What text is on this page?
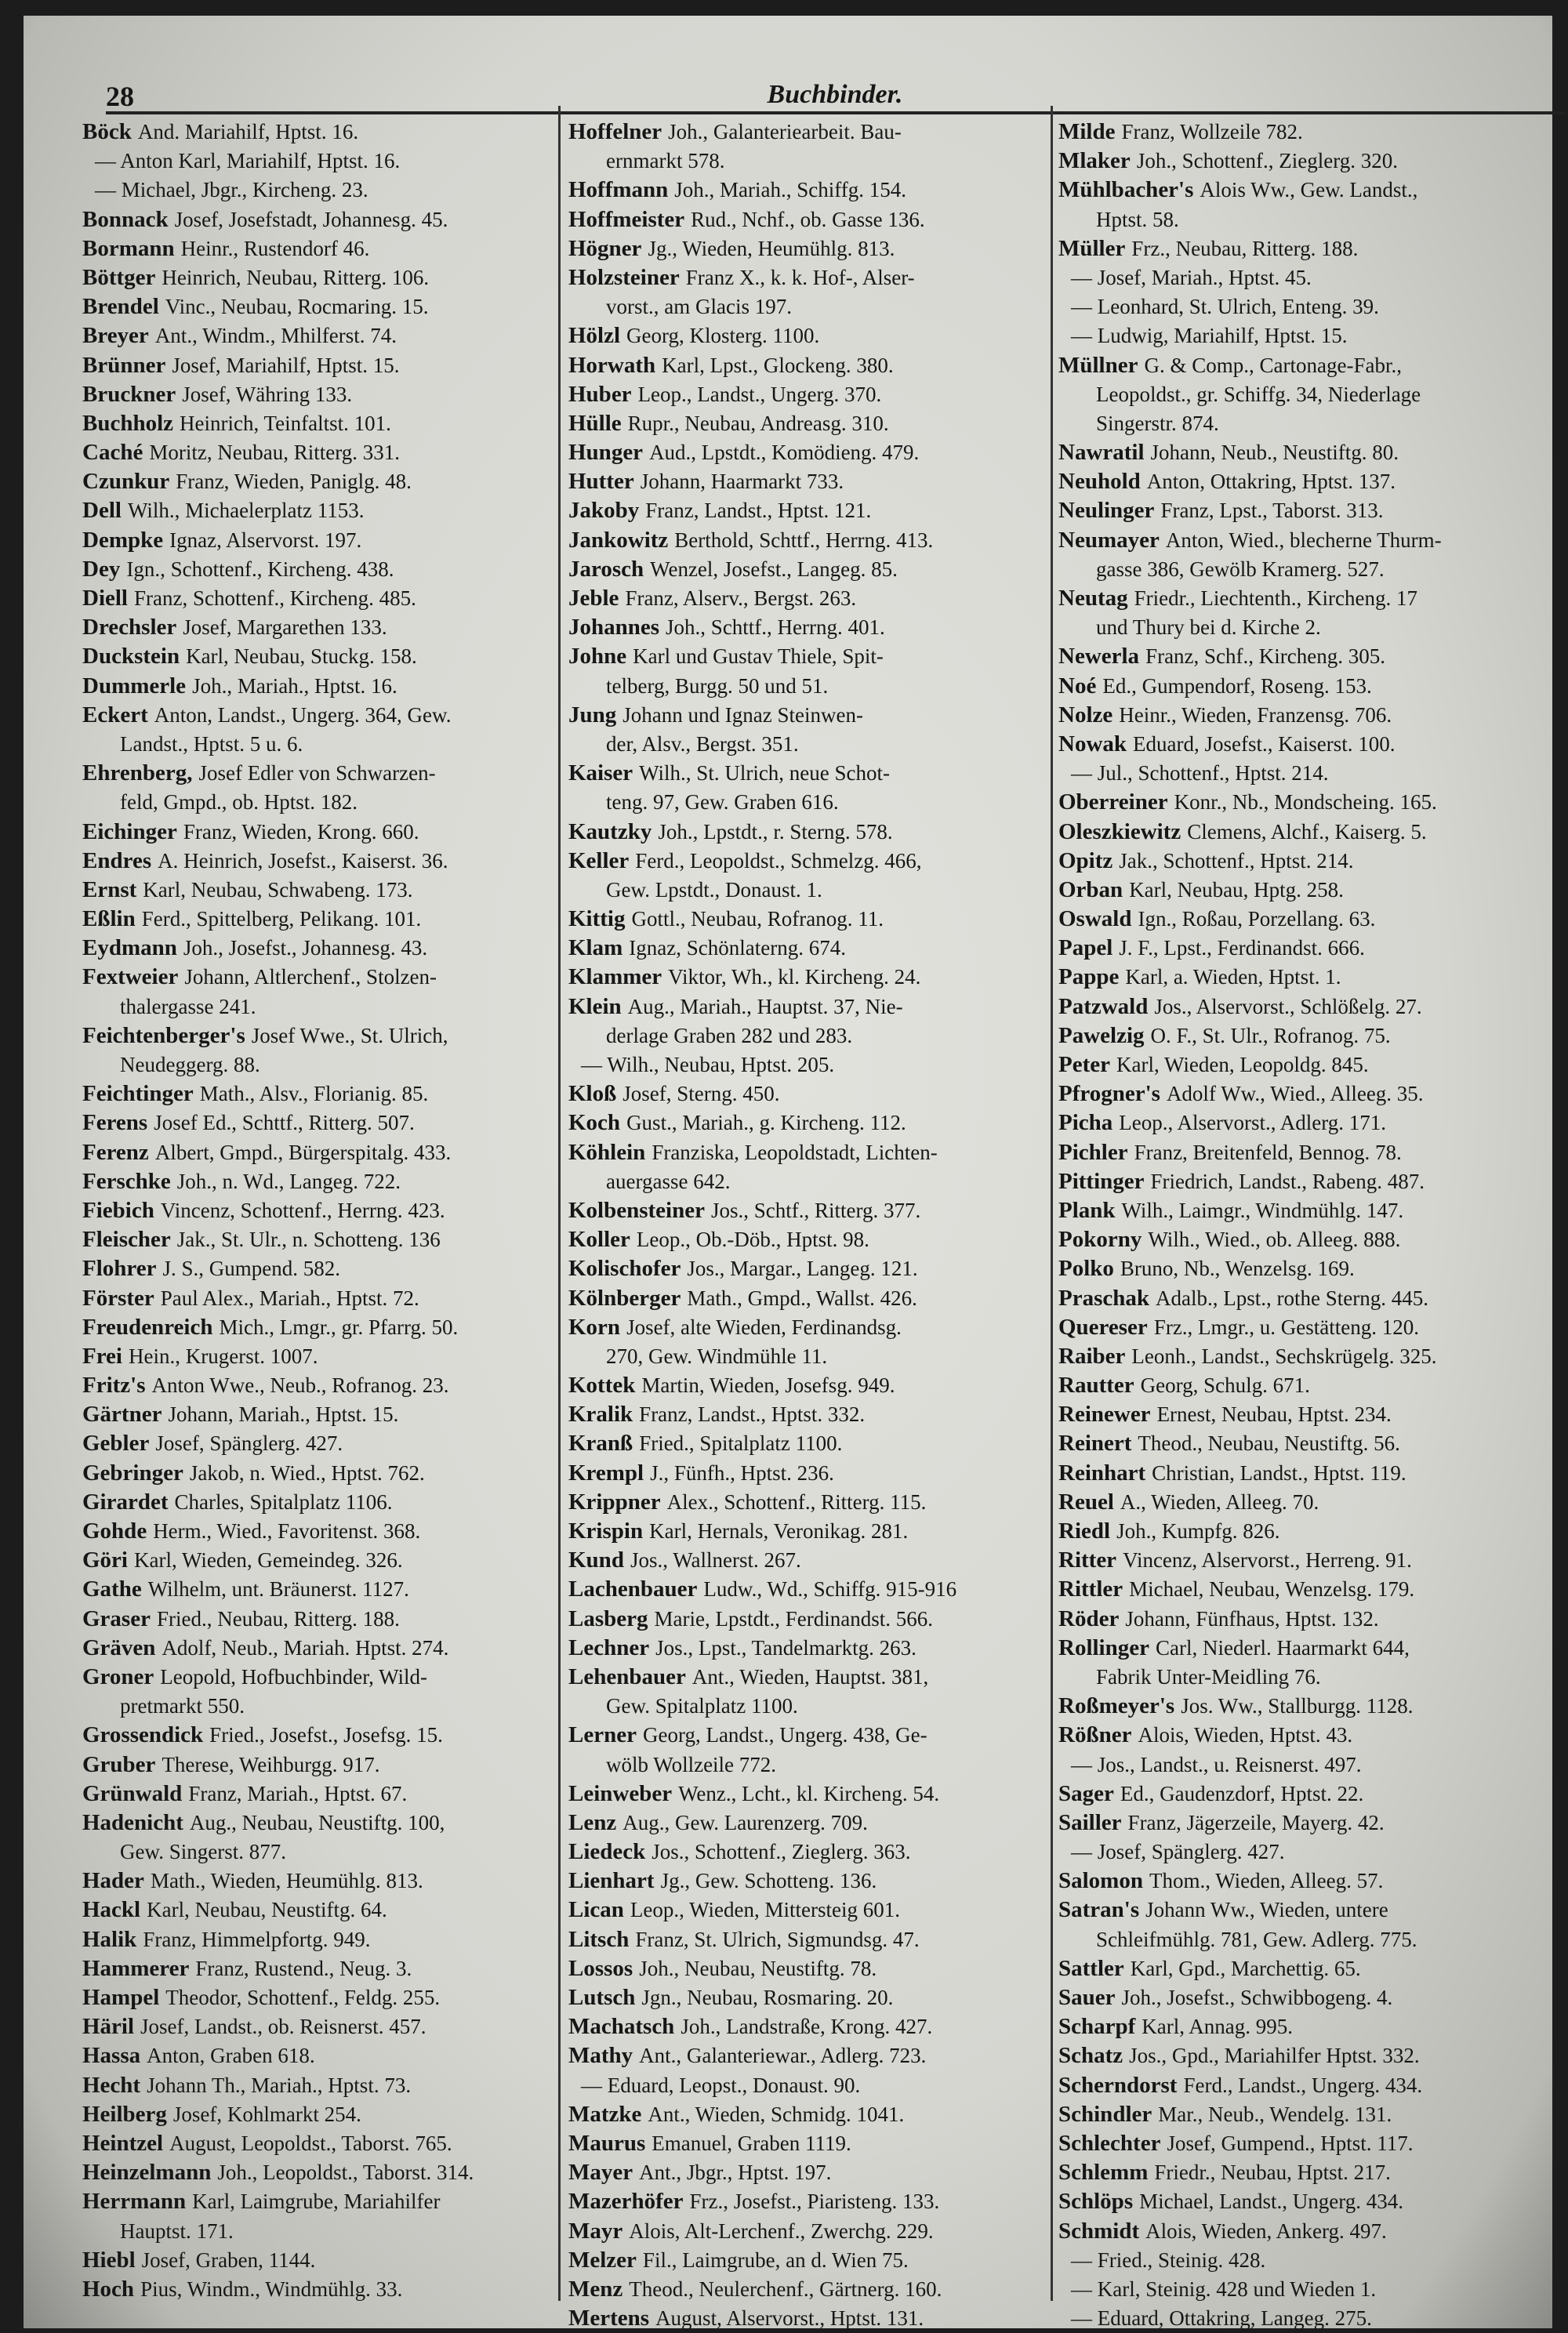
28	Buchbinder.
Böck And. Mariahilf, Hptst. 16.
— Anton Karl, Mariahilf, Hptst. 16.
— Michael, Jbgr., Kircheng. 23.
Bonnack Josef, Josefstadt, Johannesg. 45.
Bormann Heinr., Rustendorf 46.
Böttger Heinrich, Neubau, Ritterg. 106.
Brendel Vinc., Neubau, Rocmaring. 15.
Breyer Ant., Windm., Mhilferst. 74.
Brünner Josef, Mariahilf, Hptst. 15.
Bruckner Josef, Währing 133.
Buchholz Heinrich, Teinfaltst. 101.
Caché Moritz, Neubau, Ritterg. 331.
Czunkur Franz, Wieden, Paniglg. 48.
Dell Wilh., Michaelerplatz 1153.
Dempke Ignaz, Alservorst. 197.
Dey Ign., Schottenf., Kircheng. 438.
Diell Franz, Schottenf., Kircheng. 485.
Drechsler Josef, Margarethen 133.
Duckstein Karl, Neubau, Stuckg. 158.
Dummerle Joh., Mariah., Hptst. 16.
Eckert Anton, Landst., Ungerg. 364, Gew.
Landst., Hptst. 5 u. 6.
Ehrenberg, Josef Edler von Schwarzen-
feld, Gmpd., ob. Hptst. 182.
Eichinger Franz, Wieden, Krong. 660.
Endres A. Heinrich, Josefst., Kaiserst. 36.
Ernst Karl, Neubau, Schwabeng. 173.
Eßlin Ferd., Spittelberg, Pelikang. 101.
Eydmann Joh., Josefst., Johannesg. 43.
Fextweier Johann, Altlerchenf., Stolzen-
thalergasse 241.
Feichtenberger's Josef Wwe., St. Ulrich,
Neudeggerg. 88.
Feichtinger Math., Alsv., Florianig. 85.
Ferens Josef Ed., Schttf., Ritterg. 507.
Ferenz Albert, Gmpd., Bürgerspitalg. 433.
Ferschke Joh., n. Wd., Langeg. 722.
Fiebich Vincenz, Schottenf., Herrng. 423.
Fleischer Jak., St. Ulr., n. Schotteng. 136
Flohrer J. S., Gumpend. 582.
Förster Paul Alex., Mariah., Hptst. 72.
Freudenreich Mich., Lmgr., gr. Pfarrg. 50.
Frei Hein., Krugerst. 1007.
Fritz's Anton Wwe., Neub., Rofranog. 23.
Gärtner Johann, Mariah., Hptst. 15.
Gebler Josef, Spänglerg. 427.
Gebringer Jakob, n. Wied., Hptst. 762.
Girardet Charles, Spitalplatz 1106.
Gohde Herm., Wied., Favoritenst. 368.
Göri Karl, Wieden, Gemeindeg. 326.
Gathe Wilhelm, unt. Bräunerst. 1127.
Graser Fried., Neubau, Ritterg. 188.
Gräven Adolf, Neub., Mariah. Hptst. 274.
Groner Leopold, Hofbuchbinder, Wild-
pretmarkt 550.
Grossendick Fried., Josefst., Josefsg. 15.
Gruber Therese, Weihburgg. 917.
Grünwald Franz, Mariah., Hptst. 67.
Hadenicht Aug., Neubau, Neustiftg. 100,
Gew. Singerst. 877.
Hader Math., Wieden, Heumühlg. 813.
Hackl Karl, Neubau, Neustiftg. 64.
Halik Franz, Himmelpfortg. 949.
Hammerer Franz, Rustend., Neug. 3.
Hampel Theodor, Schottenf., Feldg. 255.
Häril Josef, Landst., ob. Reisnerst. 457.
Hassa Anton, Graben 618.
Hecht Johann Th., Mariah., Hptst. 73.
Heilberg Josef, Kohlmarkt 254.
Heintzel August, Leopoldst., Taborst. 765.
Heinzelmann Joh., Leopoldst., Taborst. 314.
Herrmann Karl, Laimgrube, Mariahilfer
Hauptst. 171.
Hiebl Josef, Graben, 1144.
Hoch Pius, Windm., Windmühlg. 33.
Hoffelner Joh., Galanteriearbeit. Bau-
ernmarkt 578.
Hoffmann Joh., Mariah., Schiffg. 154.
Hoffmeister Rud., Nchf., ob. Gasse 136.
Högner Jg., Wieden, Heumühlg. 813.
Holzsteiner Franz X., k. k. Hof-, Alser-
vorst., am Glacis 197.
Hölzl Georg, Klosterg. 1100.
Horwath Karl, Lpst., Glockeng. 380.
Huber Leop., Landst., Ungerg. 370.
Hülle Rupr., Neubau, Andreasg. 310.
Hunger Aud., Lpstdt., Komödieng. 479.
Hutter Johann, Haarmarkt 733.
Jakoby Franz, Landst., Hptst. 121.
Jankowitz Berthold, Schttf., Herrng. 413.
Jarosch Wenzel, Josefst., Langeg. 85.
Jeble Franz, Alserv., Bergst. 263.
Johannes Joh., Schttf., Herrng. 401.
Johne Karl und Gustav Thiele, Spit-
telberg, Burgg. 50 und 51.
Jung Johann und Ignaz Steinwen-
der, Alsv., Bergst. 351.
Kaiser Wilh., St. Ulrich, neue Schot-
teng. 97, Gew. Graben 616.
Kautzky Joh., Lpstdt., r. Sterng. 578.
Keller Ferd., Leopoldst., Schmelzg. 466,
Gew. Lpstdt., Donaust. 1.
Kittig Gottl., Neubau, Rofranog. 11.
Klam Ignaz, Schönlaterng. 674.
Klammer Viktor, Wh., kl. Kircheng. 24.
Klein Aug., Mariah., Hauptst. 37, Nie-
derlage Graben 282 und 283.
— Wilh., Neubau, Hptst. 205.
Kloß Josef, Sterng. 450.
Koch Gust., Mariah., g. Kircheng. 112.
Köhlein Franziska, Leopoldstadt, Lichten-
auergasse 642.
Kolbensteiner Jos., Schtf., Ritterg. 377.
Koller Leop., Ob.-Döb., Hptst. 98.
Kolischofer Jos., Margar., Langeg. 121.
Kölnberger Math., Gmpd., Wallst. 426.
Korn Josef, alte Wieden, Ferdinandsg.
270, Gew. Windmühle 11.
Kottek Martin, Wieden, Josefsg. 949.
Kralik Franz, Landst., Hptst. 332.
Kranß Fried., Spitalplatz 1100.
Krempl J., Fünfh., Hptst. 236.
Krippner Alex., Schottenf., Ritterg. 115.
Krispin Karl, Hernals, Veronikag. 281.
Kund Jos., Wallnerst. 267.
Lachenbauer Ludw., Wd., Schiffg. 915-916
Lasberg Marie, Lpstdt., Ferdinandst. 566.
Lechner Jos., Lpst., Tandelmarktg. 263.
Lehenbauer Ant., Wieden, Hauptst. 381,
Gew. Spitalplatz 1100.
Lerner Georg, Landst., Ungerg. 438, Ge-
wölb Wollzeile 772.
Leinweber Wenz., Lcht., kl. Kircheng. 54.
Lenz Aug., Gew. Laurenzerg. 709.
Liedeck Jos., Schottenf., Zieglerg. 363.
Lienhart Jg., Gew. Schotteng. 136.
Lican Leop., Wieden, Mittersteig 601.
Litsch Franz, St. Ulrich, Sigmundsg. 47.
Lossos Joh., Neubau, Neustiftg. 78.
Lutsch Jgn., Neubau, Rosmaring. 20.
Machatsch Joh., Landstraße, Krong. 427.
Mathy Ant., Galanteriewar., Adlerg. 723.
— Eduard, Leopst., Donaust. 90.
Matzke Ant., Wieden, Schmidg. 1041.
Maurus Emanuel, Graben 1119.
Mayer Ant., Jbgr., Hptst. 197.
Mazerhöfer Frz., Josefst., Piaristeng. 133.
Mayr Alois, Alt-Lerchenf., Zwerchg. 229.
Melzer Fil., Laimgrube, an d. Wien 75.
Menz Theod., Neulerchenf., Gärtnerg. 160.
Mertens August, Alservorst., Hptst. 131.
Milde Franz, Wollzeile 782.
Mlaker Joh., Schottenf., Zieglerg. 320.
Mühlbacher's Alois Ww., Gew. Landst.,
Hptst. 58.
Müller Frz., Neubau, Ritterg. 188.
— Josef, Mariah., Hptst. 45.
— Leonhard, St. Ulrich, Enteng. 39.
— Ludwig, Mariahilf, Hptst. 15.
Müllner G. & Comp., Cartonage-Fabr.,
Leopoldst., gr. Schiffg. 34, Niederlage
Singerstr. 874.
Nawratil Johann, Neub., Neustiftg. 80.
Neuhold Anton, Ottakring, Hptst. 137.
Neulinger Franz, Lpst., Taborst. 313.
Neumayer Anton, Wied., blecherne Thurm-
gasse 386, Gewölb Kramerg. 527.
Neutag Friedr., Liechtenth., Kircheng. 17
und Thury bei d. Kirche 2.
Newerla Franz, Schf., Kircheng. 305.
Noé Ed., Gumpendorf, Roseng. 153.
Nolze Heinr., Wieden, Franzensg. 706.
Nowak Eduard, Josefst., Kaiserst. 100.
— Jul., Schottenf., Hptst. 214.
Oberreiner Konr., Nb., Mondscheing. 165.
Oleszkiewitz Clemens, Alchf., Kaiserg. 5.
Opitz Jak., Schottenf., Hptst. 214.
Orban Karl, Neubau, Hptg. 258.
Oswald Ign., Roßau, Porzellang. 63.
Papel J. F., Lpst., Ferdinandst. 666.
Pappe Karl, a. Wieden, Hptst. 1.
Patzwald Jos., Alservorst., Schlößelg. 27.
Pawelzig O. F., St. Ulr., Rofranog. 75.
Peter Karl, Wieden, Leopoldg. 845.
Pfrogner's Adolf Ww., Wied., Alleeg. 35.
Picha Leop., Alservorst., Adlerg. 171.
Pichler Franz, Breitenfeld, Bennog. 78.
Pittinger Friedrich, Landst., Rabeng. 487.
Plank Wilh., Laimgr., Windmühlg. 147.
Pokorny Wilh., Wied., ob. Alleeg. 888.
Polko Bruno, Nb., Wenzelsg. 169.
Praschak Adalb., Lpst., rothe Sterng. 445.
Quereser Frz., Lmgr., u. Gestätteng. 120.
Raiber Leonh., Landst., Sechskrügelg. 325.
Rautter Georg, Schulg. 671.
Reinewer Ernest, Neubau, Hptst. 234.
Reinert Theod., Neubau, Neustiftg. 56.
Reinhart Christian, Landst., Hptst. 119.
Reuel A., Wieden, Alleeg. 70.
Riedl Joh., Kumpfg. 826.
Ritter Vincenz, Alservorst., Herreng. 91.
Rittler Michael, Neubau, Wenzelsg. 179.
Röder Johann, Fünfhaus, Hptst. 132.
Rollinger Carl, Niederl. Haarmarkt 644,
Fabrik Unter-Meidling 76.
Roßmeyer's Jos. Ww., Stallburgg. 1128.
Rößner Alois, Wieden, Hptst. 43.
— Jos., Landst., u. Reisnerst. 497.
Sager Ed., Gaudenzdorf, Hptst. 22.
Sailler Franz, Jägerzeile, Mayerg. 42.
— Josef, Spänglerg. 427.
Salomon Thom., Wieden, Alleeg. 57.
Satran's Johann Ww., Wieden, untere
Schleifmühlg. 781, Gew. Adlerg. 775.
Sattler Karl, Gpd., Marchettig. 65.
Sauer Joh., Josefst., Schwibbogeng. 4.
Scharpf Karl, Annag. 995.
Schatz Jos., Gpd., Mariahilfer Hptst. 332.
Scherndorst Ferd., Landst., Ungerg. 434.
Schindler Mar., Neub., Wendelg. 131.
Schlechter Josef, Gumpend., Hptst. 117.
Schlemm Friedr., Neubau, Hptst. 217.
Schlöps Michael, Landst., Ungerg. 434.
Schmidt Alois, Wieden, Ankerg. 497.
— Fried., Steinig. 428.
— Karl, Steinig. 428 und Wieden 1.
— Eduard, Ottakring, Langeg. 275.
